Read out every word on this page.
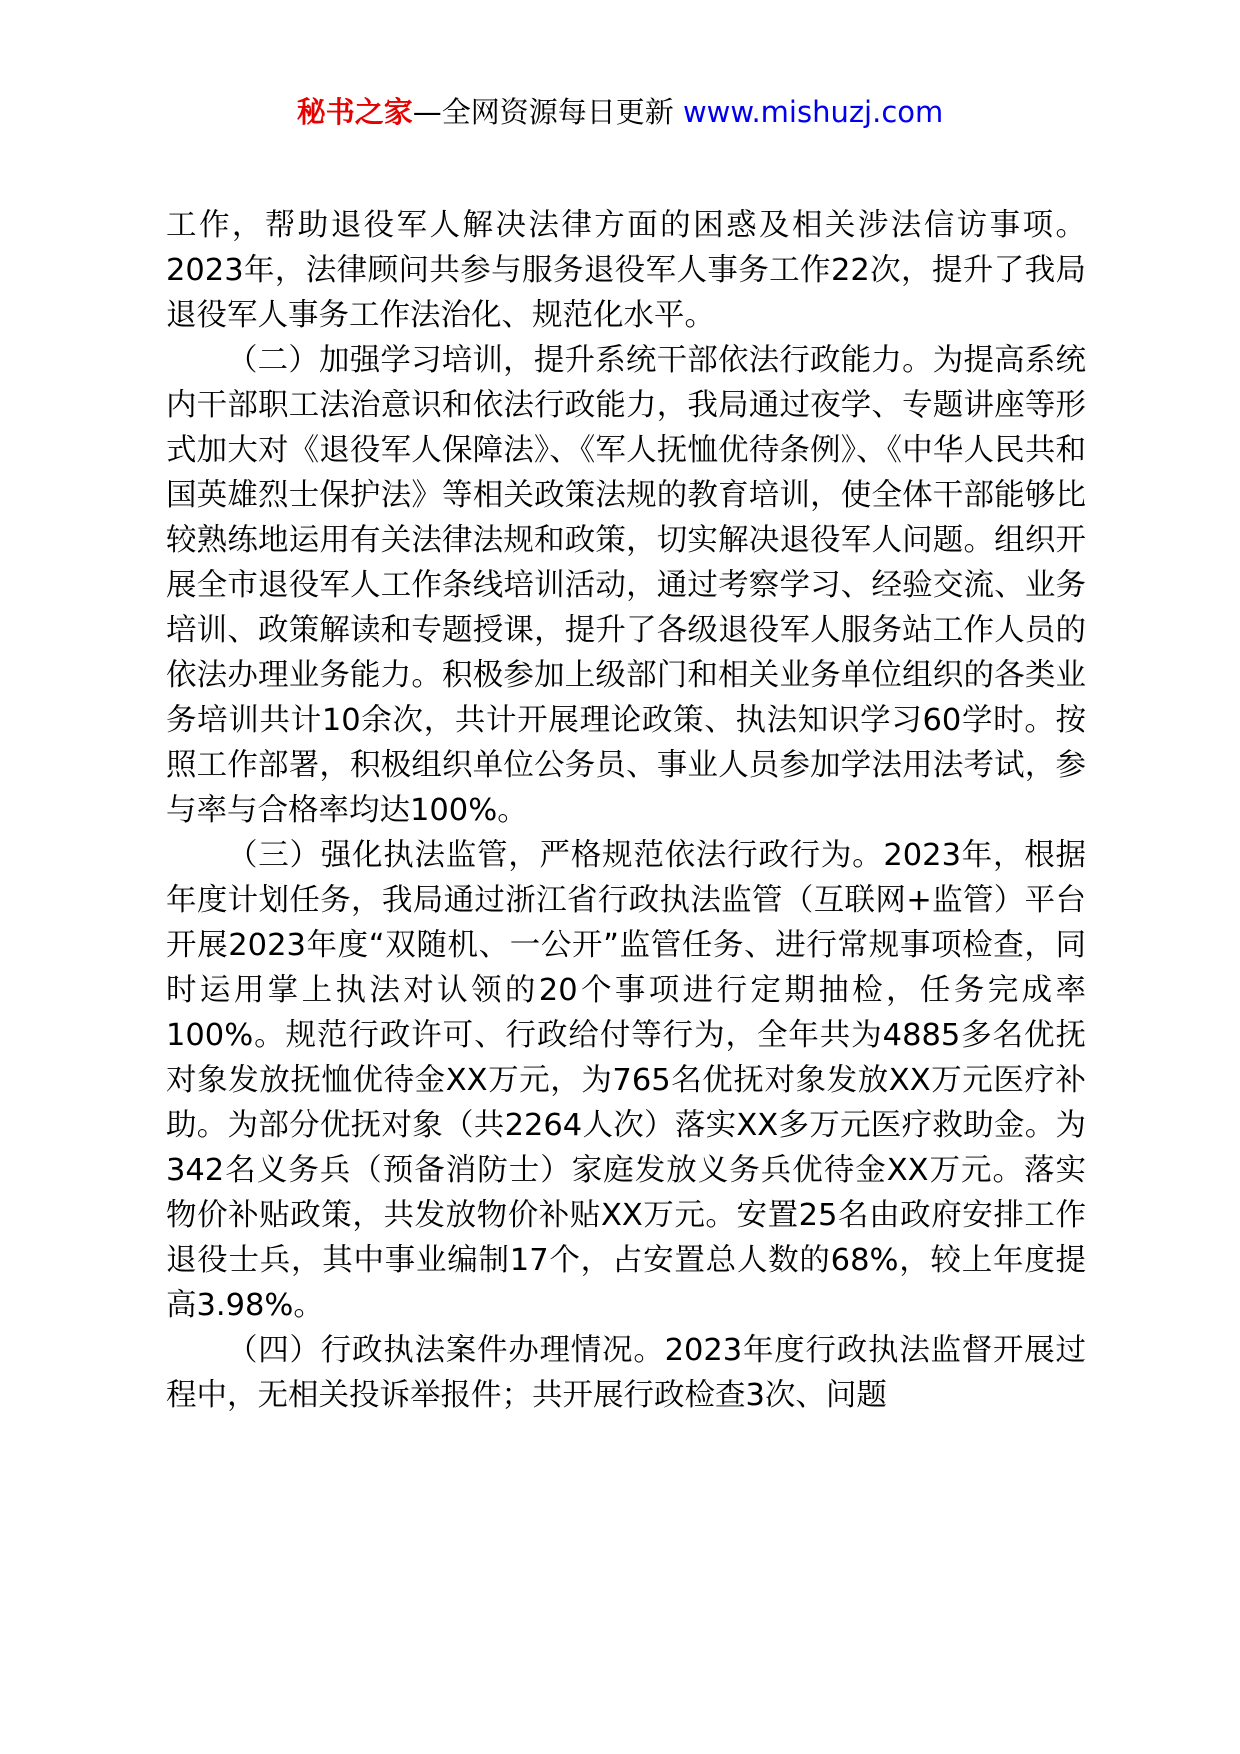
秘书之家—全网资源每日更新 www.mishuzj.com

工作，帮助退役军人解决法律方面的困惑及相关涉法信访事项。2023年，法律顾问共参与服务退役军人事务工作22次，提升了我局退役军人事务工作法治化、规范化水平。

（二）加强学习培训，提升系统干部依法行政能力。为提高系统内干部职工法治意识和依法行政能力，我局通过夜学、专题讲座等形式加大对《退役军人保障法》、《军人抚恤优待条例》、《中华人民共和国英雄烈士保护法》等相关政策法规的教育培训，使全体干部能够比较熟练地运用有关法律法规和政策，切实解决退役军人问题。组织开展全市退役军人工作条线培训活动，通过考察学习、经验交流、业务培训、政策解读和专题授课，提升了各级退役军人服务站工作人员的依法办理业务能力。积极参加上级部门和相关业务单位组织的各类业务培训共计10余次，共计开展理论政策、执法知识学习60学时。按照工作部署，积极组织单位公务员、事业人员参加学法用法考试，参与率与合格率均达100%。

（三）强化执法监管，严格规范依法行政行为。2023年，根据年度计划任务，我局通过浙江省行政执法监管（互联网+监管）平台开展2023年度“双随机、一公开”监管任务、进行常规事项检查，同时运用掌上执法对认领的20个事项进行定期抽检，任务完成率100%。规范行政许可、行政给付等行为，全年共为4885多名优抚对象发放抚恤优待金XX万元，为765名优抚对象发放XX万元医疗补助。为部分优抚对象（共2264人次）落实XX多万元医疗救助金。为342名义务兵（预备消防士）家庭发放义务兵优待金XX万元。落实物价补贴政策，共发放物价补贴XX万元。安置25名由政府安排工作退役士兵，其中事业编制17个，占安置总人数的68%，较上年度提高3.98%。

（四）行政执法案件办理情况。2023年度行政执法监督开展过程中，无相关投诉举报件；共开展行政检查3次、问题
